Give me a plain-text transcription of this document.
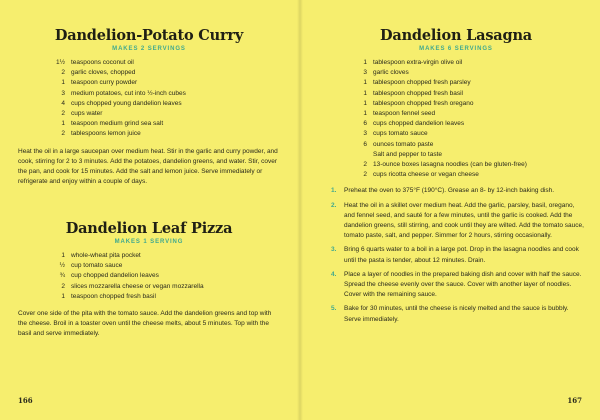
Dandelion-Potato Curry
MAKES 2 SERVINGS
1½ teaspoons coconut oil
2 garlic cloves, chopped
1 teaspoon curry powder
3 medium potatoes, cut into ½-inch cubes
4 cups chopped young dandelion leaves
2 cups water
1 teaspoon medium grind sea salt
2 tablespoons lemon juice

Heat the oil in a large saucepan over medium heat. Stir in the garlic and curry powder, and cook, stirring for 2 to 3 minutes. Add the potatoes, dandelion greens, and water. Stir, cover the pan, and cook for 15 minutes. Add the salt and lemon juice. Serve immediately or refrigerate and enjoy within a couple of days.

Dandelion Leaf Pizza
MAKES 1 SERVING
1 whole-wheat pita pocket
½ cup tomato sauce
¾ cup chopped dandelion leaves
2 slices mozzarella cheese or vegan mozzarella
1 teaspoon chopped fresh basil

Cover one side of the pita with the tomato sauce. Add the dandelion greens and top with the cheese. Broil in a toaster oven until the cheese melts, about 5 minutes. Top with the basil and serve immediately.

166
Dandelion Lasagna
MAKES 6 SERVINGS
1 tablespoon extra-virgin olive oil
3 garlic cloves
1 tablespoon chopped fresh parsley
1 tablespoon chopped fresh basil
1 tablespoon chopped fresh oregano
1 teaspoon fennel seed
6 cups chopped dandelion leaves
3 cups tomato sauce
6 ounces tomato paste
Salt and pepper to taste
2 13-ounce boxes lasagna noodles (can be gluten-free)
2 cups ricotta cheese or vegan cheese
1.	Preheat the oven to 375°F (190°C). Grease an 8- by 12-inch baking dish.
2.	Heat the oil in a skillet over medium heat. Add the garlic, parsley, basil, oregano, and fennel seed, and sauté for a few minutes, until the garlic is cooked. Add the dandelion greens, still stirring, and cook until they are wilted. Add the tomato sauce, tomato paste, salt, and pepper. Simmer for 2 hours, stirring occasionally.
3.	Bring 6 quarts water to a boil in a large pot. Drop in the lasagna noodles and cook until the pasta is tender, about 12 minutes. Drain.
4.	Place a layer of noodles in the prepared baking dish and cover with half the sauce. Spread the cheese evenly over the sauce. Cover with another layer of noodles. Cover with the remaining sauce.
5.	Bake for 30 minutes, until the cheese is nicely melted and the sauce is bubbly. Serve immediately.
167
